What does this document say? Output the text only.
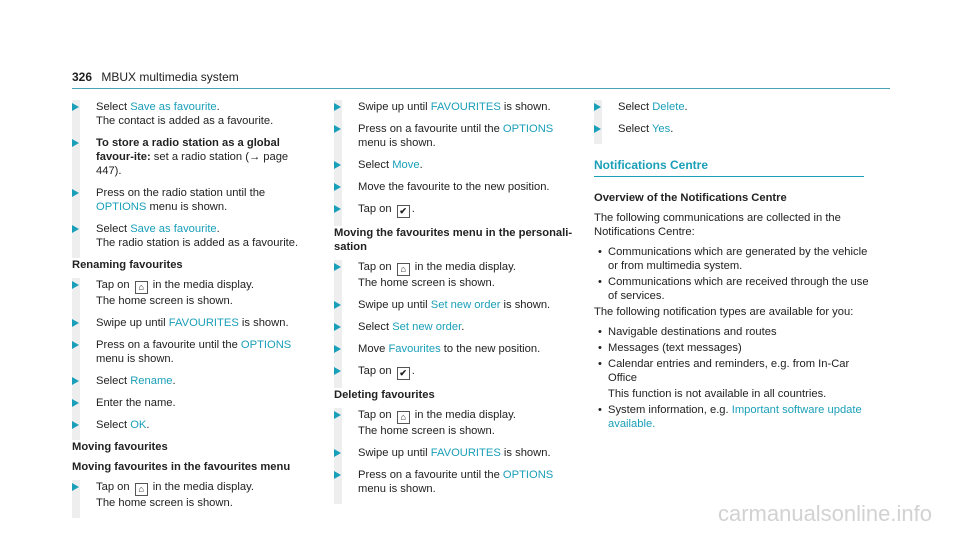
326 MBUX multimedia system
Select Save as favourite.
The contact is added as a favourite.
To store a radio station as a global favour-ite: set a radio station (→ page 447).
Press on the radio station until the OPTIONS menu is shown.
Select Save as favourite.
The radio station is added as a favourite.
Renaming favourites
Tap on ⌂ in the media display.
The home screen is shown.
Swipe up until FAVOURITES is shown.
Press on a favourite until the OPTIONS menu is shown.
Select Rename.
Enter the name.
Select OK.
Moving favourites
Moving favourites in the favourites menu
Tap on ⌂ in the media display.
The home screen is shown.
Swipe up until FAVOURITES is shown.
Press on a favourite until the OPTIONS menu is shown.
Select Move.
Move the favourite to the new position.
Tap on ✔ .
Moving the favourites menu in the personali-sation
Tap on ⌂ in the media display.
The home screen is shown.
Swipe up until Set new order is shown.
Select Set new order.
Move Favourites to the new position.
Tap on ✔ .
Deleting favourites
Tap on ⌂ in the media display.
The home screen is shown.
Swipe up until FAVOURITES is shown.
Press on a favourite until the OPTIONS menu is shown.
Select Delete.
Select Yes.
Notifications Centre
Overview of the Notifications Centre
The following communications are collected in the Notifications Centre:
• Communications which are generated by the vehicle or from multimedia system.
• Communications which are received through the use of services.
The following notification types are available for you:
• Navigable destinations and routes
• Messages (text messages)
• Calendar entries and reminders, e.g. from In-Car Office
This function is not available in all countries.
• System information, e.g. Important software update available.
carmanualsonline.info
